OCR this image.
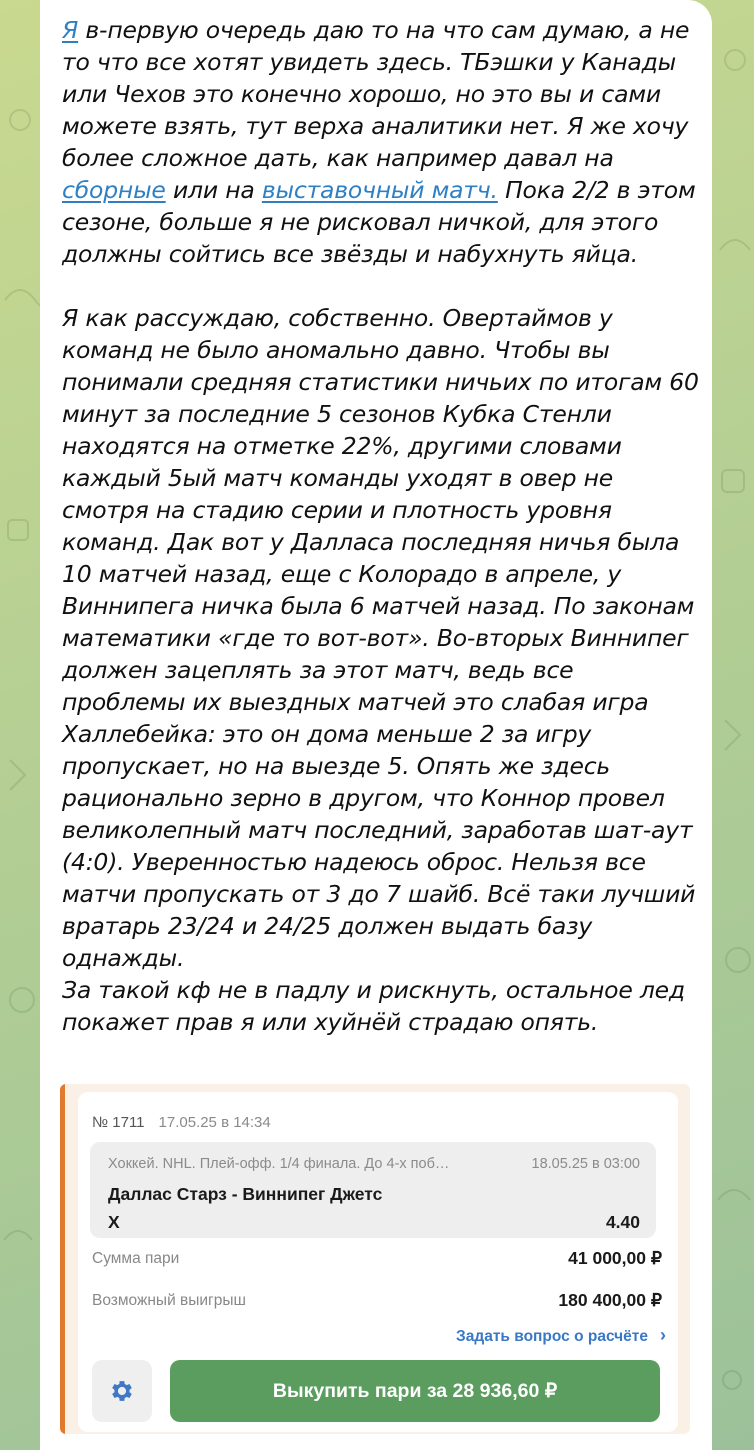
Я в-первую очередь даю то на что сам думаю, а не то что все хотят увидеть здесь. ТБэшки у Канады или Чехов это конечно хорошо, но это вы и сами можете взять, тут верха аналитики нет. Я же хочу более сложное дать, как например давал на сборные или на выставочный матч. Пока 2/2 в этом сезоне, больше я не рисковал ничкой, для этого должны сойтись все звёзды и набухнуть яйца.

Я как рассуждаю, собственно. Овертаймов у команд не было аномально давно. Чтобы вы понимали средняя статистики ничьих по итогам 60 минут за последние 5 сезонов Кубка Стенли находятся на отметке 22%, другими словами каждый 5ый матч команды уходят в овер не смотря на стадию серии и плотность уровня команд. Дак вот у Далласа последняя ничья была 10 матчей назад, еще с Колорадо в апреле, у Виннипега ничка была 6 матчей назад. По законам математики «где то вот-вот». Во-вторых Виннипег должен зацеплять за этот матч, ведь все проблемы их выездных матчей это слабая игра Халлебейка: это он дома меньше 2 за игру пропускает, но на выезде 5. Опять же здесь рационально зерно в другом, что Коннор провел великолепный матч последний, заработав шат-аут (4:0). Уверенностью надеюсь оброс. Нельзя все матчи пропускать от 3 до 7 шайб. Всё таки лучший вратарь 23/24 и 24/25 должен выдать базу однажды.

За такой кф не в падлу и рискнуть, остальное лед покажет прав я или хуйнёй страдаю опять.

№ 1711 17.05.25 в 14:34
Хоккей. NHL. Плей-офф. 1/4 финала. До 4-х поб…	18.05.25 в 03:00
Даллас Старз - Виннипег Джетс
X	4.40
Сумма пари	41 000,00 ₽
Возможный выигрыш	180 400,00 ₽
Задать вопрос о расчёте ›
Выкупить пари за 28 936,60 ₽
